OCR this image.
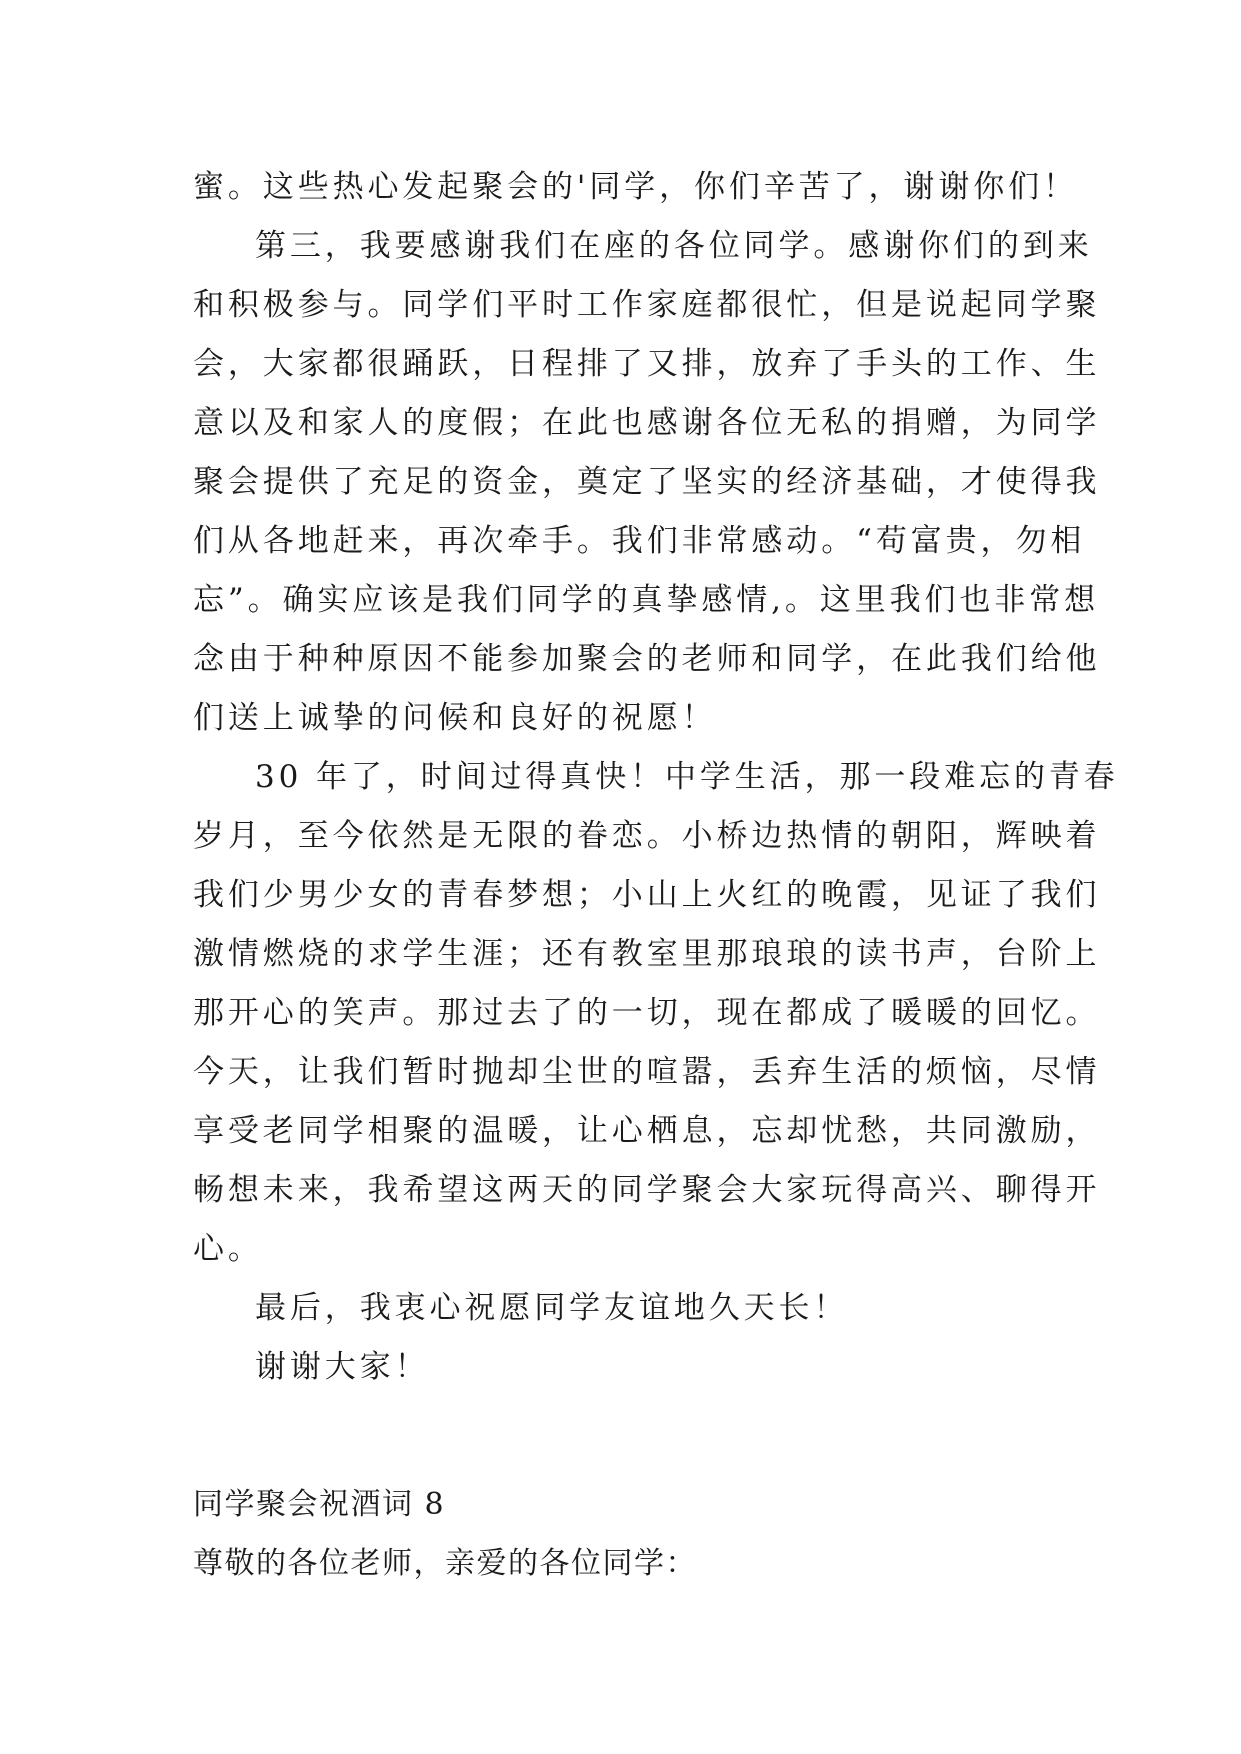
蜜。这些热心发起聚会的'同学，你们辛苦了，谢谢你们！
第三，我要感谢我们在座的各位同学。感谢你们的到来
和积极参与。同学们平时工作家庭都很忙，但是说起同学聚
会，大家都很踊跃，日程排了又排，放弃了手头的工作、生
意以及和家人的度假；在此也感谢各位无私的捐赠，为同学
聚会提供了充足的资金，奠定了坚实的经济基础，才使得我
们从各地赶来，再次牵手。我们非常感动。“苟富贵，勿相
忘”。确实应该是我们同学的真挚感情,。这里我们也非常想
念由于种种原因不能参加聚会的老师和同学，在此我们给他
们送上诚挚的问候和良好的祝愿！
30 年了，时间过得真快！中学生活，那一段难忘的青春
岁月，至今依然是无限的眷恋。小桥边热情的朝阳，辉映着
我们少男少女的青春梦想；小山上火红的晚霞，见证了我们
激情燃烧的求学生涯；还有教室里那琅琅的读书声，台阶上
那开心的笑声。那过去了的一切，现在都成了暖暖的回忆。
今天，让我们暂时抛却尘世的喧嚣，丢弃生活的烦恼，尽情
享受老同学相聚的温暖，让心栖息，忘却忧愁，共同激励，
畅想未来，我希望这两天的同学聚会大家玩得高兴、聊得开
心。
最后，我衷心祝愿同学友谊地久天长！
谢谢大家！
同学聚会祝酒词 8
尊敬的各位老师，亲爱的各位同学：
